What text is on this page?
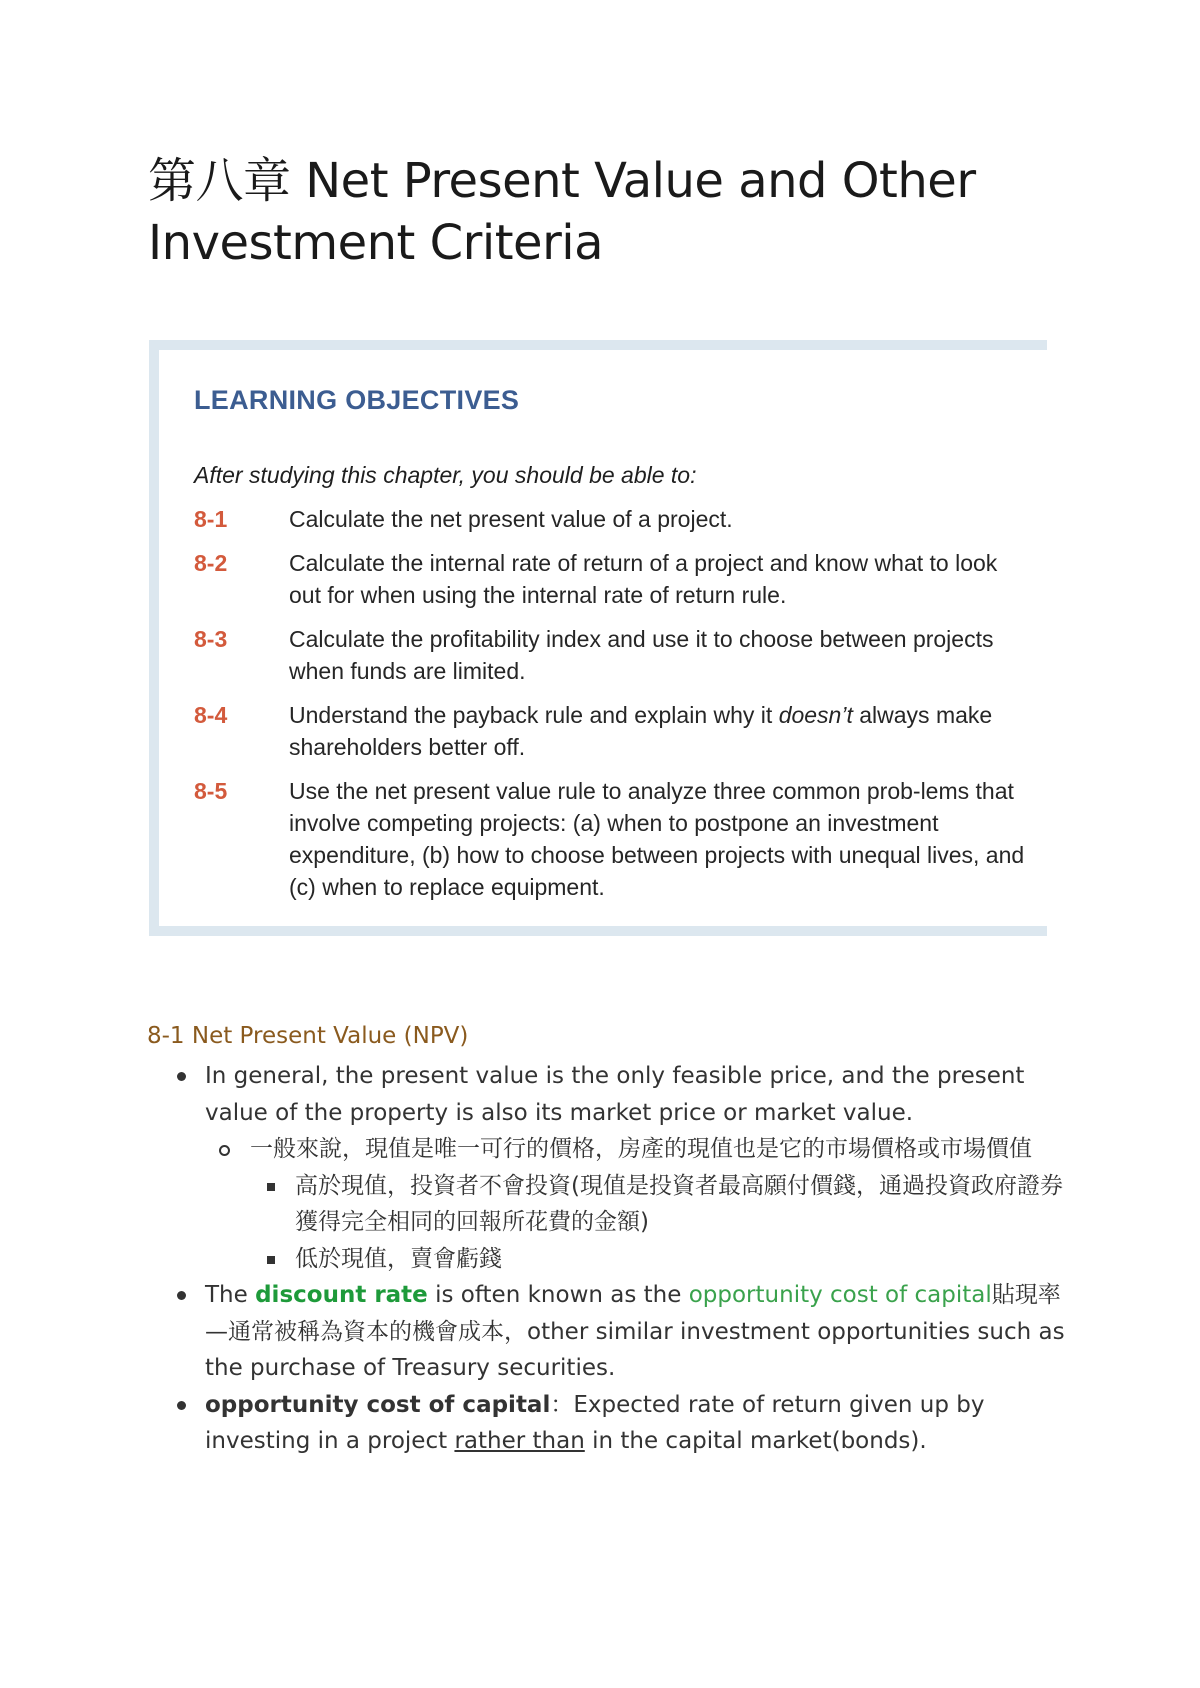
第八章 Net Present Value and Other Investment Criteria
LEARNING OBJECTIVES

After studying this chapter, you should be able to:

8-1	Calculate the net present value of a project.
8-2	Calculate the internal rate of return of a project and know what to look out for when using the internal rate of return rule.
8-3	Calculate the profitability index and use it to choose between projects when funds are limited.
8-4	Understand the payback rule and explain why it doesn’t always make shareholders better off.
8-5	Use the net present value rule to analyze three common prob-lems that involve competing projects: (a) when to postpone an investment expenditure, (b) how to choose between projects with unequal lives, and (c) when to replace equipment.
8-1 Net Present Value (NPV)
In general, the present value is the only feasible price, and the present value of the property is also its market price or market value.
一般來說，現值是唯一可行的價格，房產的現值也是它的市場價格或市場價值
高於現值，投資者不會投資(現值是投資者最高願付價錢，通過投資政府證券獲得完全相同的回報所花費的金額)
低於現值，賣會虧錢
The discount rate is often known as the opportunity cost of capital貼現率—通常被稱為資本的機會成本，other similar investment opportunities such as the purchase of Treasury securities.
opportunity cost of capital：Expected rate of return given up by investing in a project rather than in the capital market(bonds).
